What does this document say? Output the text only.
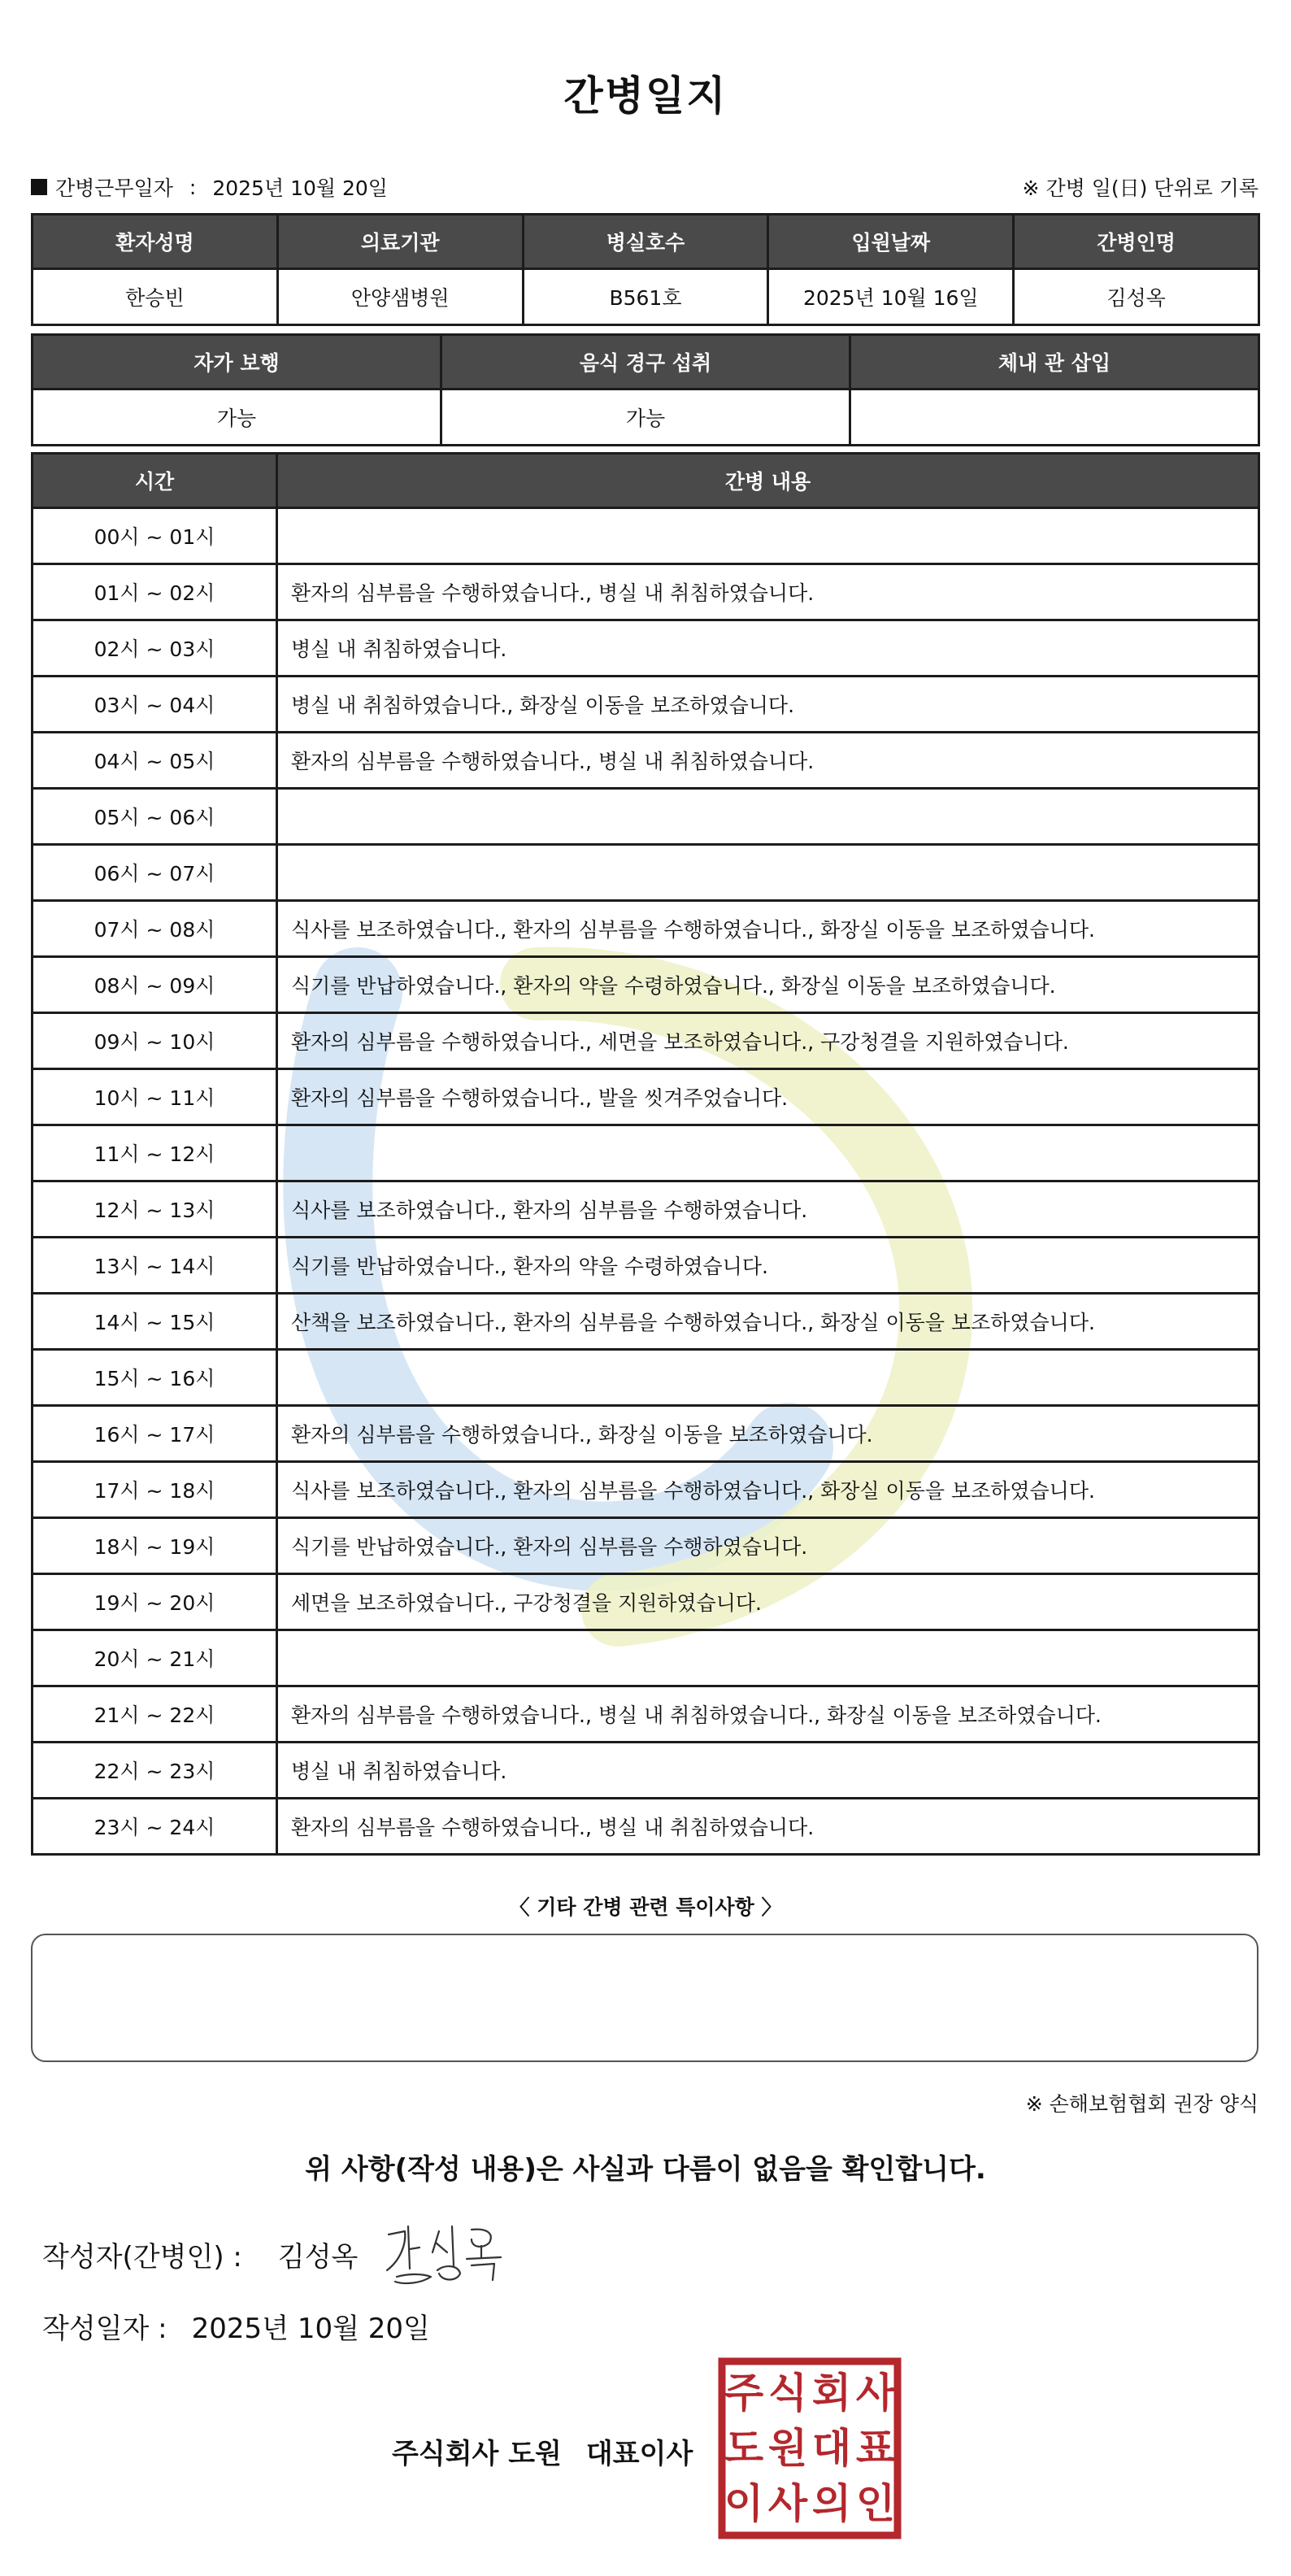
간병일지
간병근무일자 : 2025년 10월 20일	※ 간병 일(日) 단위로 기록
환자성명	의료기관	병실호수	입원날짜	간병인명
한승빈	안양샘병원	B561호	2025년 10월 16일	김성옥
자가 보행	음식 경구 섭취	체내 관 삽입
가능	가능	
시간	간병 내용
00시 ~ 01시	
01시 ~ 02시	환자의 심부름을 수행하였습니다., 병실 내 취침하였습니다.
02시 ~ 03시	병실 내 취침하였습니다.
03시 ~ 04시	병실 내 취침하였습니다., 화장실 이동을 보조하였습니다.
04시 ~ 05시	환자의 심부름을 수행하였습니다., 병실 내 취침하였습니다.
05시 ~ 06시	
06시 ~ 07시	
07시 ~ 08시	식사를 보조하였습니다., 환자의 심부름을 수행하였습니다., 화장실 이동을 보조하였습니다.
08시 ~ 09시	식기를 반납하였습니다., 환자의 약을 수령하였습니다., 화장실 이동을 보조하였습니다.
09시 ~ 10시	환자의 심부름을 수행하였습니다., 세면을 보조하였습니다., 구강청결을 지원하였습니다.
10시 ~ 11시	환자의 심부름을 수행하였습니다., 발을 씻겨주었습니다.
11시 ~ 12시	
12시 ~ 13시	식사를 보조하였습니다., 환자의 심부름을 수행하였습니다.
13시 ~ 14시	식기를 반납하였습니다., 환자의 약을 수령하였습니다.
14시 ~ 15시	산책을 보조하였습니다., 환자의 심부름을 수행하였습니다., 화장실 이동을 보조하였습니다.
15시 ~ 16시	
16시 ~ 17시	환자의 심부름을 수행하였습니다., 화장실 이동을 보조하였습니다.
17시 ~ 18시	식사를 보조하였습니다., 환자의 심부름을 수행하였습니다., 화장실 이동을 보조하였습니다.
18시 ~ 19시	식기를 반납하였습니다., 환자의 심부름을 수행하였습니다.
19시 ~ 20시	세면을 보조하였습니다., 구강청결을 지원하였습니다.
20시 ~ 21시	
21시 ~ 22시	환자의 심부름을 수행하였습니다., 병실 내 취침하였습니다., 화장실 이동을 보조하였습니다.
22시 ~ 23시	병실 내 취침하였습니다.
23시 ~ 24시	환자의 심부름을 수행하였습니다., 병실 내 취침하였습니다.
〈 기타 간병 관련 특이사항 〉
※ 손해보험협회 권장 양식
위 사항(작성 내용)은 사실과 다름이 없음을 확인합니다.
작성자(간병인) : 김성옥
작성일자 : 2025년 10월 20일
주식회사 도원 대표이사
주 식 회 사
도 원 대 표
이 사 의 인
